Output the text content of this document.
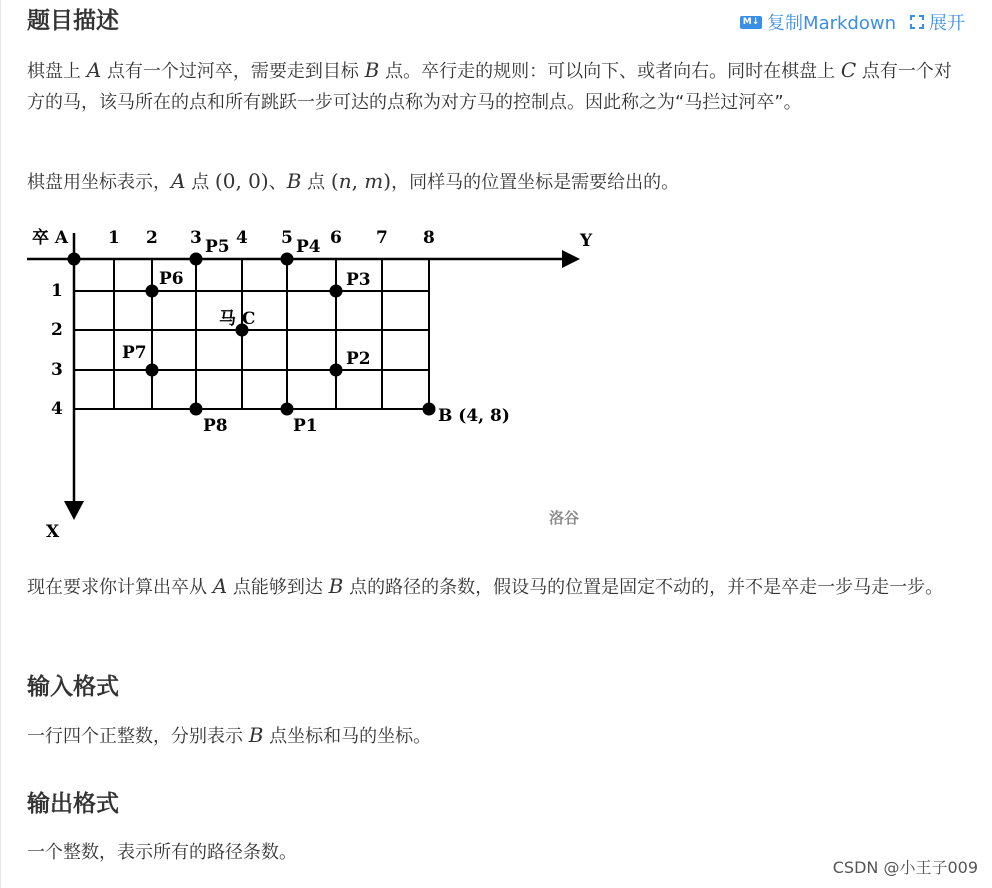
题目描述	M↓ 复制Markdown 展开

棋盘上 A 点有一个过河卒，需要走到目标 B 点。卒行走的规则：可以向下、或者向右。同时在棋盘上 C 点有一个对方的马，该马所在的点和所有跳跃一步可达的点称为对方马的控制点。因此称之为“马拦过河卒”。

棋盘用坐标表示，A 点 (0, 0)、B 点 (n, m)，同样马的位置坐标是需要给出的。

卒 A	Y
X
1 2 3 4 5 6 7 8
1
2
3
4
P1
P2
P3
P4
P5
P6
P7
P8
马 C
B (4, 8)
洛谷

现在要求你计算出卒从 A 点能够到达 B 点的路径的条数，假设马的位置是固定不动的，并不是卒走一步马走一步。

输入格式

一行四个正整数，分别表示 B 点坐标和马的坐标。

输出格式

一个整数，表示所有的路径条数。

CSDN @小王子009
